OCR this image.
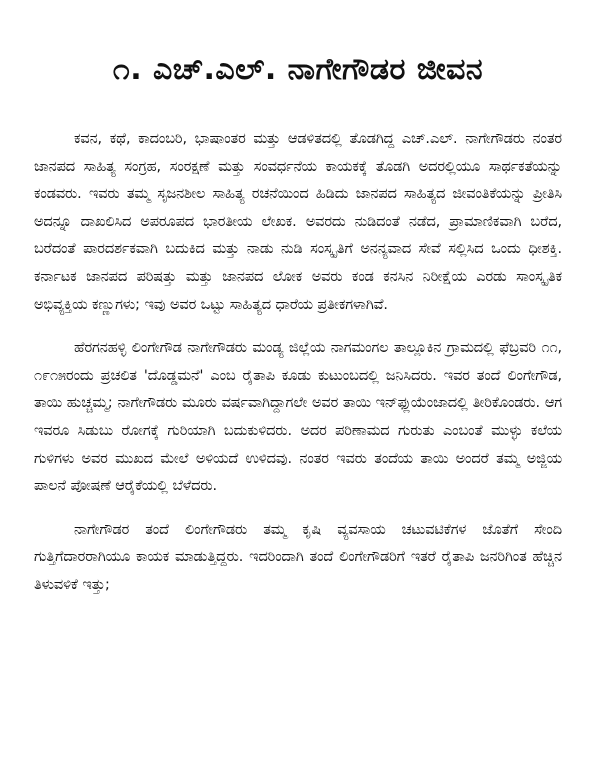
೧. ಎಚ್.ಎಲ್. ನಾಗೇಗೌಡರ ಜೀವನ

ಕವನ, ಕಥೆ, ಕಾದಂಬರಿ, ಭಾಷಾಂತರ ಮತ್ತು ಆಡಳಿತದಲ್ಲಿ ತೊಡಗಿದ್ದ ಎಚ್.ಎಲ್. ನಾಗೇಗೌಡರು ನಂತರ ಜಾನಪದ ಸಾಹಿತ್ಯ ಸಂಗ್ರಹ, ಸಂರಕ್ಷಣೆ ಮತ್ತು ಸಂವರ್ಧನೆಯ ಕಾಯಕಕ್ಕೆ ತೊಡಗಿ ಅದರಲ್ಲಿಯೂ ಸಾರ್ಥಕತೆಯನ್ನು ಕಂಡವರು. ಇವರು ತಮ್ಮ ಸೃಜನಶೀಲ ಸಾಹಿತ್ಯ ರಚನೆಯಿಂದ ಹಿಡಿದು ಜಾನಪದ ಸಾಹಿತ್ಯದ ಜೀವಂತಿಕೆಯನ್ನು ಪ್ರೀತಿಸಿ ಅದನ್ನೂ ದಾಖಲಿಸಿದ ಅಪರೂಪದ ಭಾರತೀಯ ಲೇಖಕ. ಅವರದು ನುಡಿದಂತೆ ನಡೆದ, ಪ್ರಾಮಾಣಿಕವಾಗಿ ಬರೆದ, ಬರೆದಂತೆ ಪಾರದರ್ಶಕವಾಗಿ ಬದುಕಿದ ಮತ್ತು ನಾಡು ನುಡಿ ಸಂಸ್ಕೃತಿಗೆ ಅನನ್ಯವಾದ ಸೇವೆ ಸಲ್ಲಿಸಿದ ಒಂದು ಧೀಶಕ್ತಿ. ಕರ್ನಾಟಕ ಜಾನಪದ ಪರಿಷತ್ತು ಮತ್ತು ಜಾನಪದ ಲೋಕ ಅವರು ಕಂಡ ಕನಸಿನ ನಿರೀಕ್ಷೆಯ ಎರಡು ಸಾಂಸ್ಕೃತಿಕ ಅಭಿವ್ಯಕ್ತಿಯ ಕಣ್ಣುಗಳು; ಇವು ಅವರ ಒಟ್ಟು ಸಾಹಿತ್ಯದ ಧಾರೆಯ ಪ್ರತೀಕಗಳಾಗಿವೆ.

ಹೆರಗನಹಳ್ಳಿ ಲಿಂಗೇಗೌಡ ನಾಗೇಗೌಡರು ಮಂಡ್ಯ ಜಿಲ್ಲೆಯ ನಾಗಮಂಗಲ ತಾಲ್ಲೂಕಿನ ಗ್ರಾಮದಲ್ಲಿ ಫೆಬ್ರವರಿ ೧೧, ೧೯೧೫ರಂದು ಪ್ರಚಲಿತ 'ದೊಡ್ಡಮನೆ' ಎಂಬ ರೈತಾಪಿ ಕೂಡು ಕುಟುಂಬದಲ್ಲಿ ಜನಿಸಿದರು. ಇವರ ತಂದೆ ಲಿಂಗೇಗೌಡ, ತಾಯಿ ಹುಚ್ಚಮ್ಮ; ನಾಗೇಗೌಡರು ಮೂರು ವರ್ಷವಾಗಿದ್ದಾಗಲೇ ಅವರ ತಾಯಿ ಇನ್‌ಫ್ಲುಯೆಂಜಾದಲ್ಲಿ ತೀರಿಕೊಂಡರು. ಆಗ ಇವರೂ ಸಿಡುಬು ರೋಗಕ್ಕೆ ಗುರಿಯಾಗಿ ಬದುಕುಳಿದರು. ಅದರ ಪರಿಣಾಮದ ಗುರುತು ಎಂಬಂತೆ ಮುಳ್ಳು ಕಲೆಯ ಗುಳಿಗಳು ಅವರ ಮುಖದ ಮೇಲೆ ಅಳಿಯದೆ ಉಳಿದವು. ನಂತರ ಇವರು ತಂದೆಯ ತಾಯಿ ಅಂದರೆ ತಮ್ಮ ಅಜ್ಜಿಯ ಪಾಲನೆ ಪೋಷಣೆ ಆರೈಕೆಯಲ್ಲಿ ಬೆಳೆದರು.

ನಾಗೇಗೌಡರ ತಂದೆ ಲಿಂಗೇಗೌಡರು ತಮ್ಮ ಕೃಷಿ ವ್ಯವಸಾಯ ಚಟುವಟಿಕೆಗಳ ಜೊತೆಗೆ ಸೇಂದಿ ಗುತ್ತಿಗೆದಾರರಾಗಿಯೂ ಕಾಯಕ ಮಾಡುತ್ತಿದ್ದರು. ಇದರಿಂದಾಗಿ ತಂದೆ ಲಿಂಗೇಗೌಡರಿಗೆ ಇತರೆ ರೈತಾಪಿ ಜನರಿಗಿಂತ ಹೆಚ್ಚಿನ ತಿಳುವಳಿಕೆ ಇತ್ತು;
